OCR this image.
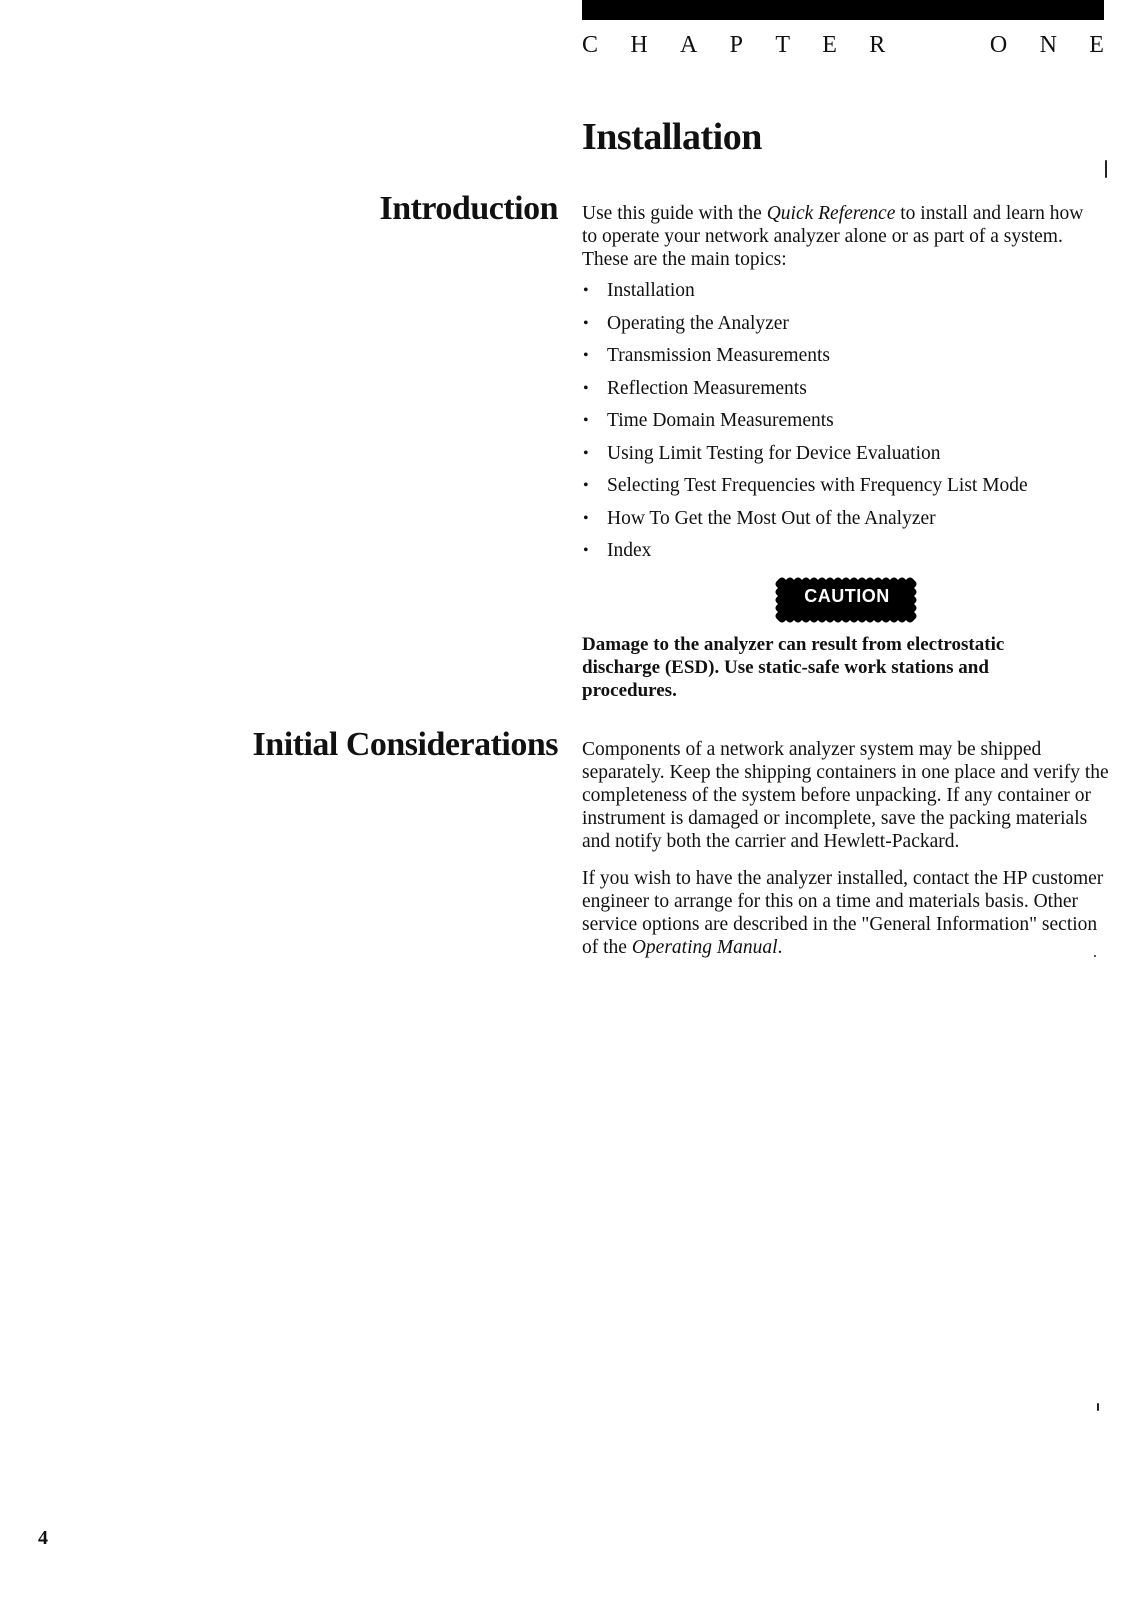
C H A P T E R	O N E
Installation
Introduction Use this guide with the Quick Reference to install and learn how to operate your network analyzer alone or as part of a system. These are the main topics:

• Installation
• Operating the Analyzer
• Transmission Measurements
• Reflection Measurements
• Time Domain Measurements
• Using Limit Testing for Device Evaluation
• Selecting Test Frequencies with Frequency List Mode
• How To Get the Most Out of the Analyzer
• Index
CAUTION

Damage to the analyzer can result from electrostatic discharge (ESD). Use static-safe work stations and procedures.

Initial Considerations Components of a network analyzer system may be shipped separately. Keep the shipping containers in one place and verify the completeness of the system before unpacking. If any container or instrument is damaged or incomplete, save the packing materials and notify both the carrier and Hewlett-Packard.

If you wish to have the analyzer installed, contact the HP customer engineer to arrange for this on a time and materials basis. Other service options are described in the "General Information" section of the Operating Manual.

4
